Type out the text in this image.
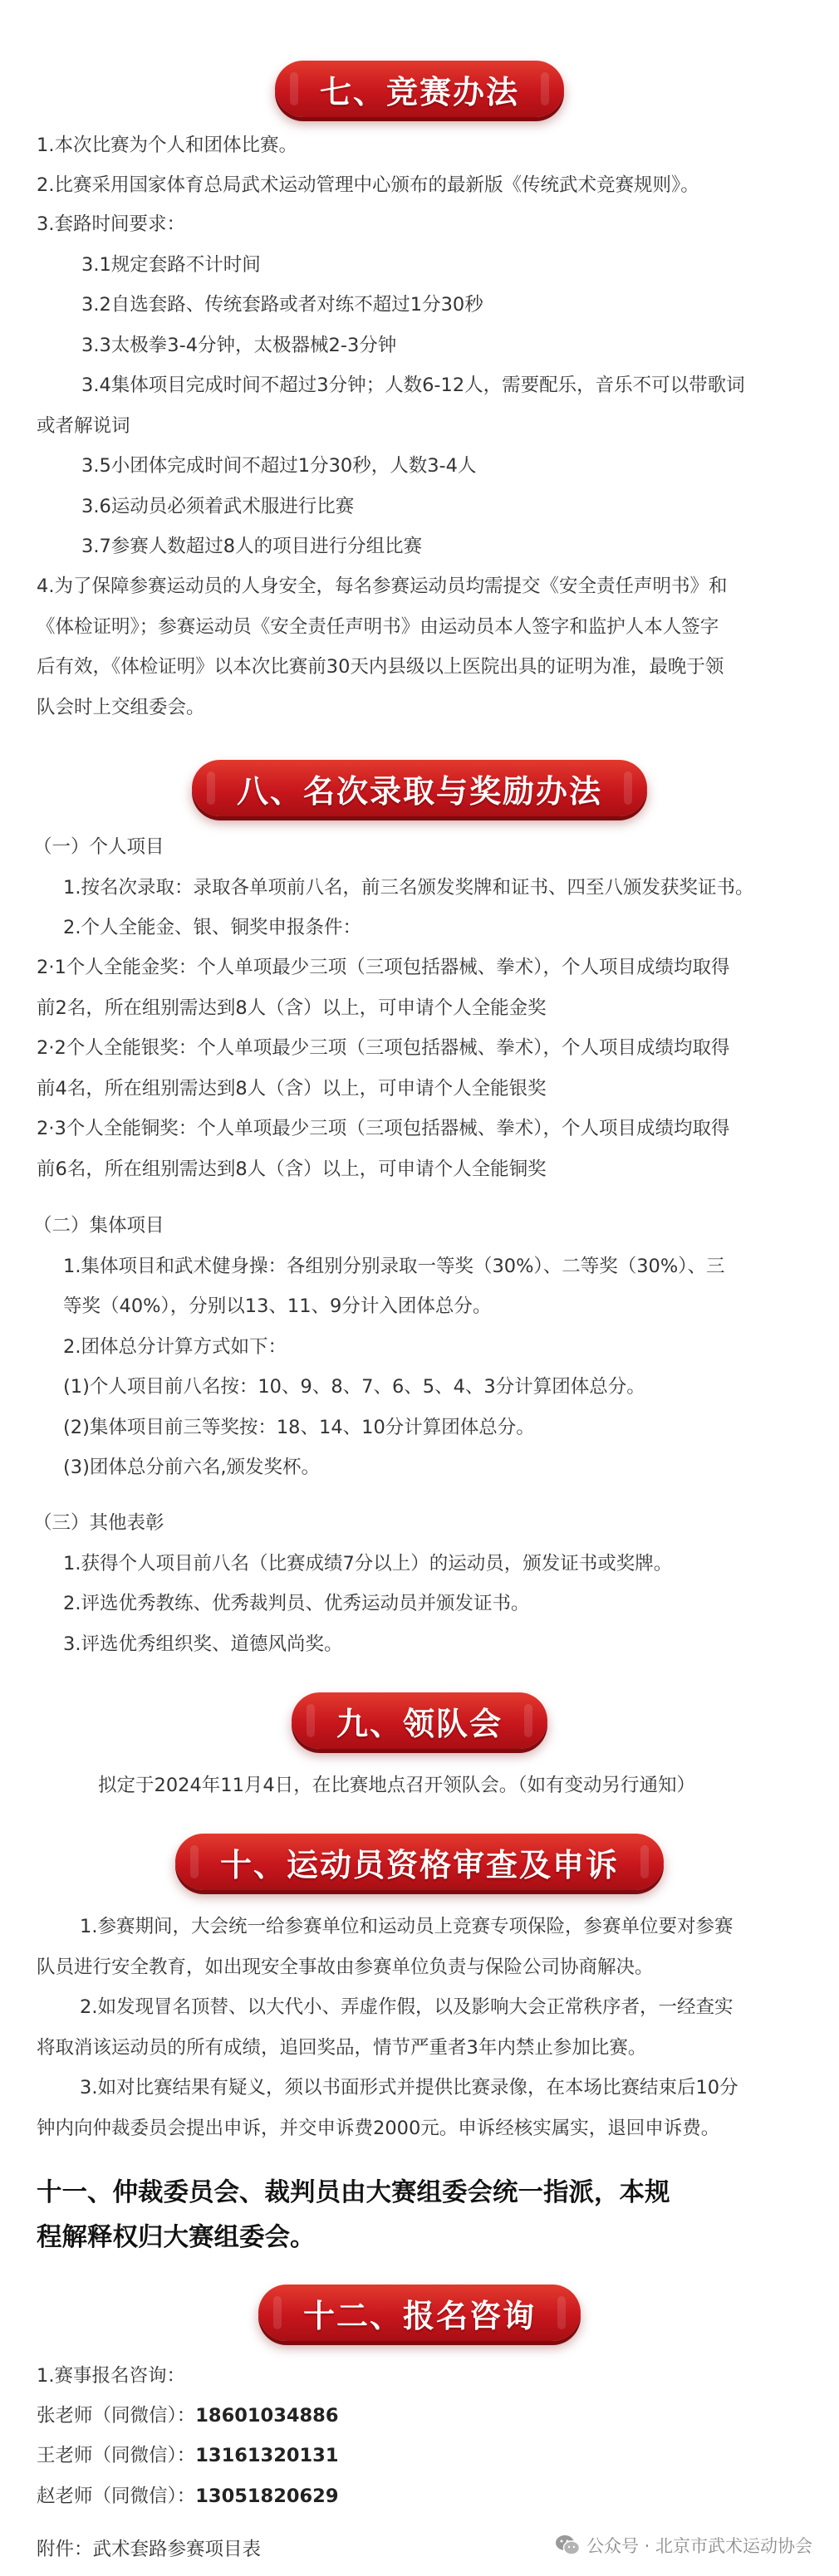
七、竞赛办法
1.本次比赛为个人和团体比赛。
2.比赛采用国家体育总局武术运动管理中心颁布的最新版《传统武术竞赛规则》。
3.套路时间要求：
3.1规定套路不计时间
3.2自选套路、传统套路或者对练不超过1分30秒
3.3太极拳3-4分钟，太极器械2-3分钟
3.4集体项目完成时间不超过3分钟；人数6-12人，需要配乐，音乐不可以带歌词
或者解说词
3.5小团体完成时间不超过1分30秒，人数3-4人
3.6运动员必须着武术服进行比赛
3.7参赛人数超过8人的项目进行分组比赛
4.为了保障参赛运动员的人身安全，每名参赛运动员均需提交《安全责任声明书》和
《体检证明》；参赛运动员《安全责任声明书》由运动员本人签字和监护人本人签字
后有效，《体检证明》以本次比赛前30天内县级以上医院出具的证明为准，最晚于领
队会时上交组委会。
八、名次录取与奖励办法
（一）个人项目
1.按名次录取：录取各单项前八名，前三名颁发奖牌和证书、四至八颁发获奖证书。
2.个人全能金、银、铜奖申报条件：
2·1个人全能金奖：个人单项最少三项（三项包括器械、拳术），个人项目成绩均取得
前2名，所在组别需达到8人（含）以上，可申请个人全能金奖
2·2个人全能银奖：个人单项最少三项（三项包括器械、拳术），个人项目成绩均取得
前4名，所在组别需达到8人（含）以上，可申请个人全能银奖
2·3个人全能铜奖：个人单项最少三项（三项包括器械、拳术），个人项目成绩均取得
前6名，所在组别需达到8人（含）以上，可申请个人全能铜奖
（二）集体项目
1.集体项目和武术健身操：各组别分别录取一等奖（30%）、二等奖（30%）、三
等奖（40%），分别以13、11、9分计入团体总分。
2.团体总分计算方式如下：
(1)个人项目前八名按：10、9、8、7、6、5、4、3分计算团体总分。
(2)集体项目前三等奖按：18、14、10分计算团体总分。
(3)团体总分前六名,颁发奖杯。
（三）其他表彰
1.获得个人项目前八名（比赛成绩7分以上）的运动员，颁发证书或奖牌。
2.评选优秀教练、优秀裁判员、优秀运动员并颁发证书。
3.评选优秀组织奖、道德风尚奖。
九、领队会
拟定于2024年11月4日，在比赛地点召开领队会。（如有变动另行通知）
十、运动员资格审查及申诉
1.参赛期间，大会统一给参赛单位和运动员上竞赛专项保险，参赛单位要对参赛
队员进行安全教育，如出现安全事故由参赛单位负责与保险公司协商解决。
2.如发现冒名顶替、以大代小、弄虚作假，以及影响大会正常秩序者，一经查实
将取消该运动员的所有成绩，追回奖品，情节严重者3年内禁止参加比赛。
3.如对比赛结果有疑义，须以书面形式并提供比赛录像，在本场比赛结束后10分
钟内向仲裁委员会提出申诉，并交申诉费2000元。申诉经核实属实，退回申诉费。
十一、仲裁委员会、裁判员由大赛组委会统一指派，本规
程解释权归大赛组委会。
十二、报名咨询
1.赛事报名咨询：
张老师（同微信）：18601034886
王老师（同微信）：13161320131
赵老师（同微信）：13051820629
附件：武术套路参赛项目表	公众号 · 北京市武术运动协会
